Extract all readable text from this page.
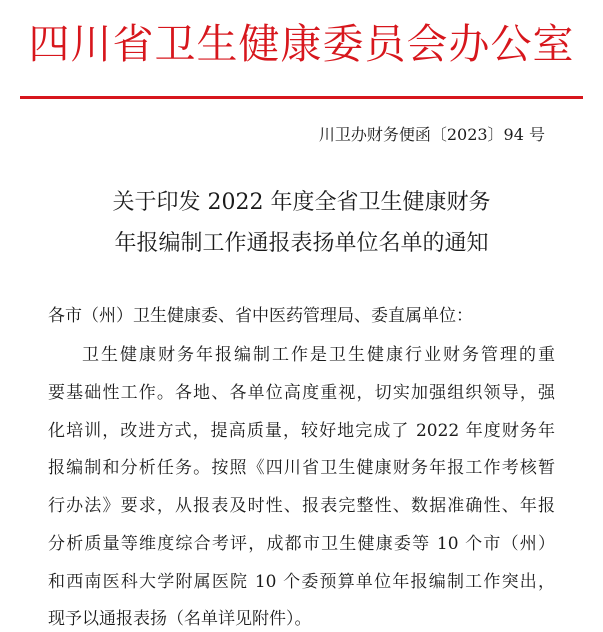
四川省卫生健康委员会办公室
川卫办财务便函〔2023〕94 号
关于印发 2022 年度全省卫生健康财务
年报编制工作通报表扬单位名单的通知
各市（州）卫生健康委、省中医药管理局、委直属单位：
卫生健康财务年报编制工作是卫生健康行业财务管理的重
要基础性工作。各地、各单位高度重视，切实加强组织领导，强
化培训，改进方式，提高质量，较好地完成了 2022 年度财务年
报编制和分析任务。按照《四川省卫生健康财务年报工作考核暂
行办法》要求，从报表及时性、报表完整性、数据准确性、年报
分析质量等维度综合考评，成都市卫生健康委等 10 个市（州）
和西南医科大学附属医院 10 个委预算单位年报编制工作突出，
现予以通报表扬（名单详见附件）。
